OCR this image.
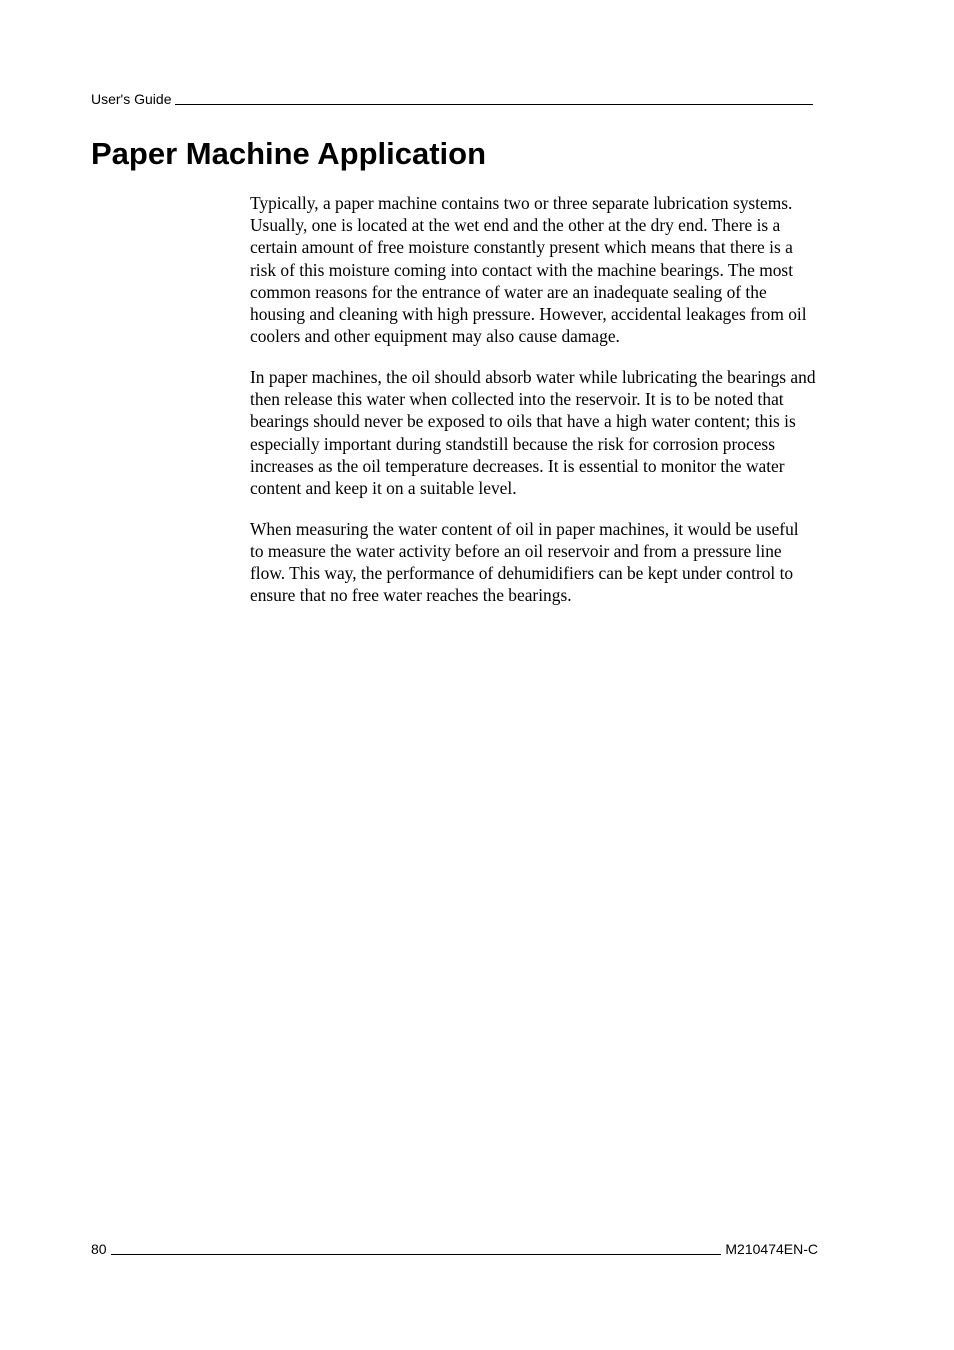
User's Guide
Paper Machine Application

Typically, a paper machine contains two or three separate lubrication systems. Usually, one is located at the wet end and the other at the dry end. There is a certain amount of free moisture constantly present which means that there is a risk of this moisture coming into contact with the machine bearings. The most common reasons for the entrance of water are an inadequate sealing of the housing and cleaning with high pressure. However, accidental leakages from oil coolers and other equipment may also cause damage.

In paper machines, the oil should absorb water while lubricating the bearings and then release this water when collected into the reservoir. It is to be noted that bearings should never be exposed to oils that have a high water content; this is especially important during standstill because the risk for corrosion process increases as the oil temperature decreases. It is essential to monitor the water content and keep it on a suitable level.

When measuring the water content of oil in paper machines, it would be useful to measure the water activity before an oil reservoir and from a pressure line flow. This way, the performance of dehumidifiers can be kept under control to ensure that no free water reaches the bearings.

80	M210474EN-C
